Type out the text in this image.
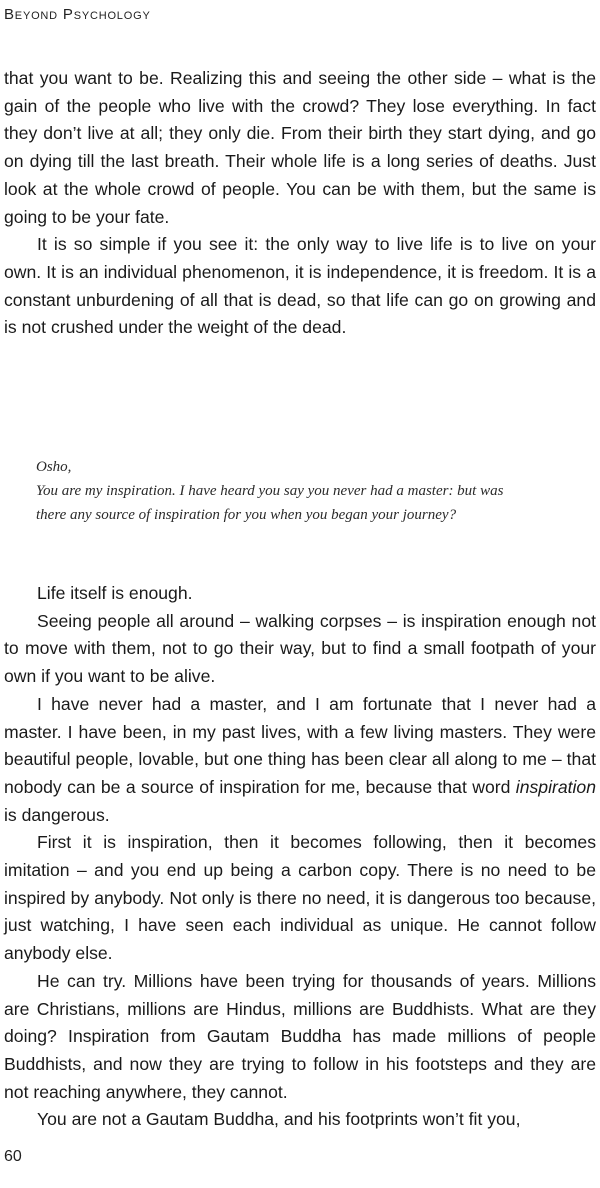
Beyond Psychology

that you want to be. Realizing this and seeing the other side – what is the gain of the people who live with the crowd? They lose everything. In fact they don’t live at all; they only die. From their birth they start dying, and go on dying till the last breath. Their whole life is a long series of deaths. Just look at the whole crowd of people. You can be with them, but the same is going to be your fate.

It is so simple if you see it: the only way to live life is to live on your own. It is an individual phenomenon, it is independence, it is freedom. It is a constant unburdening of all that is dead, so that life can go on growing and is not crushed under the weight of the dead.

Osho,
You are my inspiration. I have heard you say you never had a master: but was there any source of inspiration for you when you began your journey?

Life itself is enough.

Seeing people all around – walking corpses – is inspiration enough not to move with them, not to go their way, but to find a small footpath of your own if you want to be alive.

I have never had a master, and I am fortunate that I never had a master. I have been, in my past lives, with a few living masters. They were beautiful people, lovable, but one thing has been clear all along to me – that nobody can be a source of inspiration for me, because that word inspiration is dangerous.

First it is inspiration, then it becomes following, then it becomes imitation – and you end up being a carbon copy. There is no need to be inspired by anybody. Not only is there no need, it is dangerous too because, just watching, I have seen each individual as unique. He cannot follow anybody else.

He can try. Millions have been trying for thousands of years. Millions are Christians, millions are Hindus, millions are Buddhists. What are they doing? Inspiration from Gautam Buddha has made millions of people Buddhists, and now they are trying to follow in his footsteps and they are not reaching anywhere, they cannot.

You are not a Gautam Buddha, and his footprints won’t fit you,

60
